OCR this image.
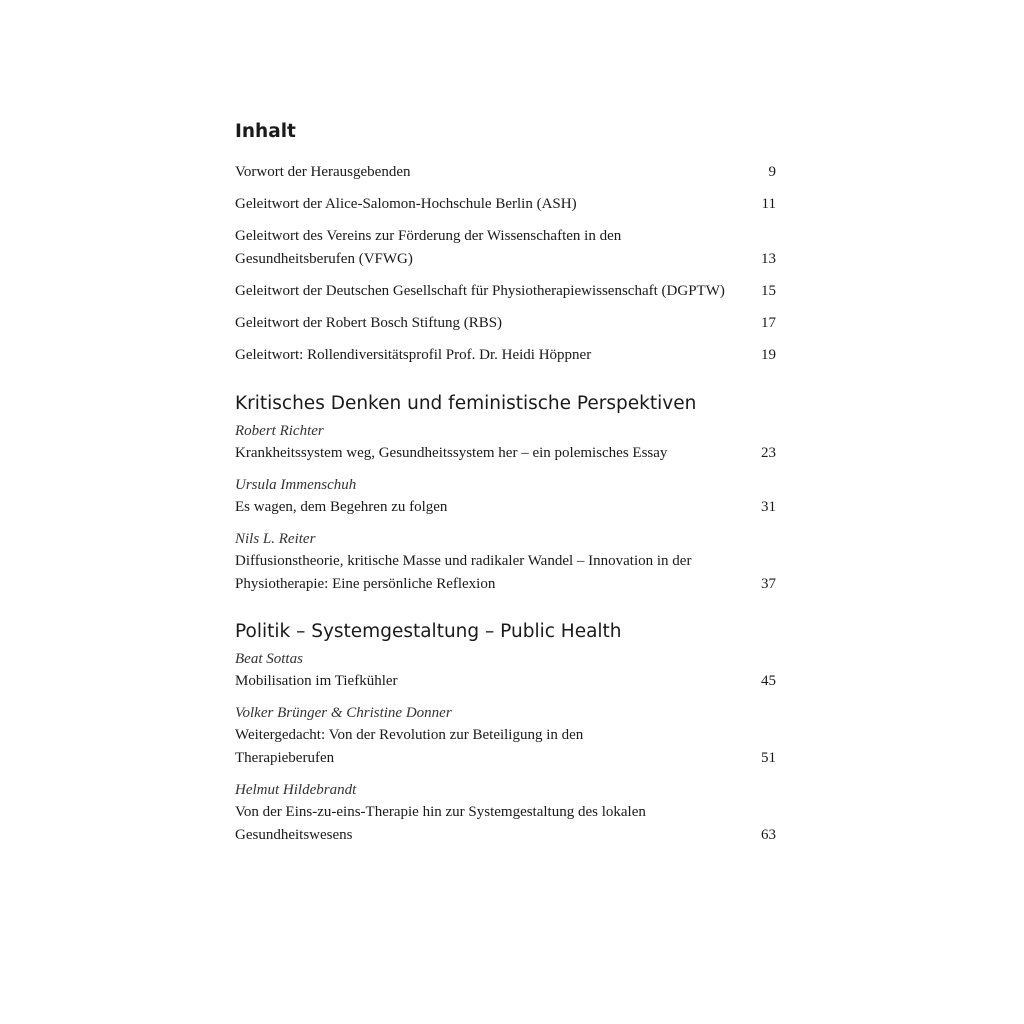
Inhalt
Vorwort der Herausgebenden	9
Geleitwort der Alice-Salomon-Hochschule Berlin (ASH)	11
Geleitwort des Vereins zur Förderung der Wissenschaften in den Gesundheitsberufen (VFWG)	13
Geleitwort der Deutschen Gesellschaft für Physiotherapiewissenschaft (DGPTW)	15
Geleitwort der Robert Bosch Stiftung (RBS)	17
Geleitwort: Rollendiversitätsprofil Prof. Dr. Heidi Höppner	19
Kritisches Denken und feministische Perspektiven
Robert Richter
Krankheitssystem weg, Gesundheitssystem her – ein polemisches Essay	23
Ursula Immenschuh
Es wagen, dem Begehren zu folgen	31
Nils L. Reiter
Diffusionstheorie, kritische Masse und radikaler Wandel – Innovation in der Physiotherapie: Eine persönliche Reflexion	37
Politik – Systemgestaltung – Public Health
Beat Sottas
Mobilisation im Tiefkühler	45
Volker Brünger & Christine Donner
Weitergedacht: Von der Revolution zur Beteiligung in den Therapieberufen	51
Helmut Hildebrandt
Von der Eins-zu-eins-Therapie hin zur Systemgestaltung des lokalen Gesundheitswesens	63
